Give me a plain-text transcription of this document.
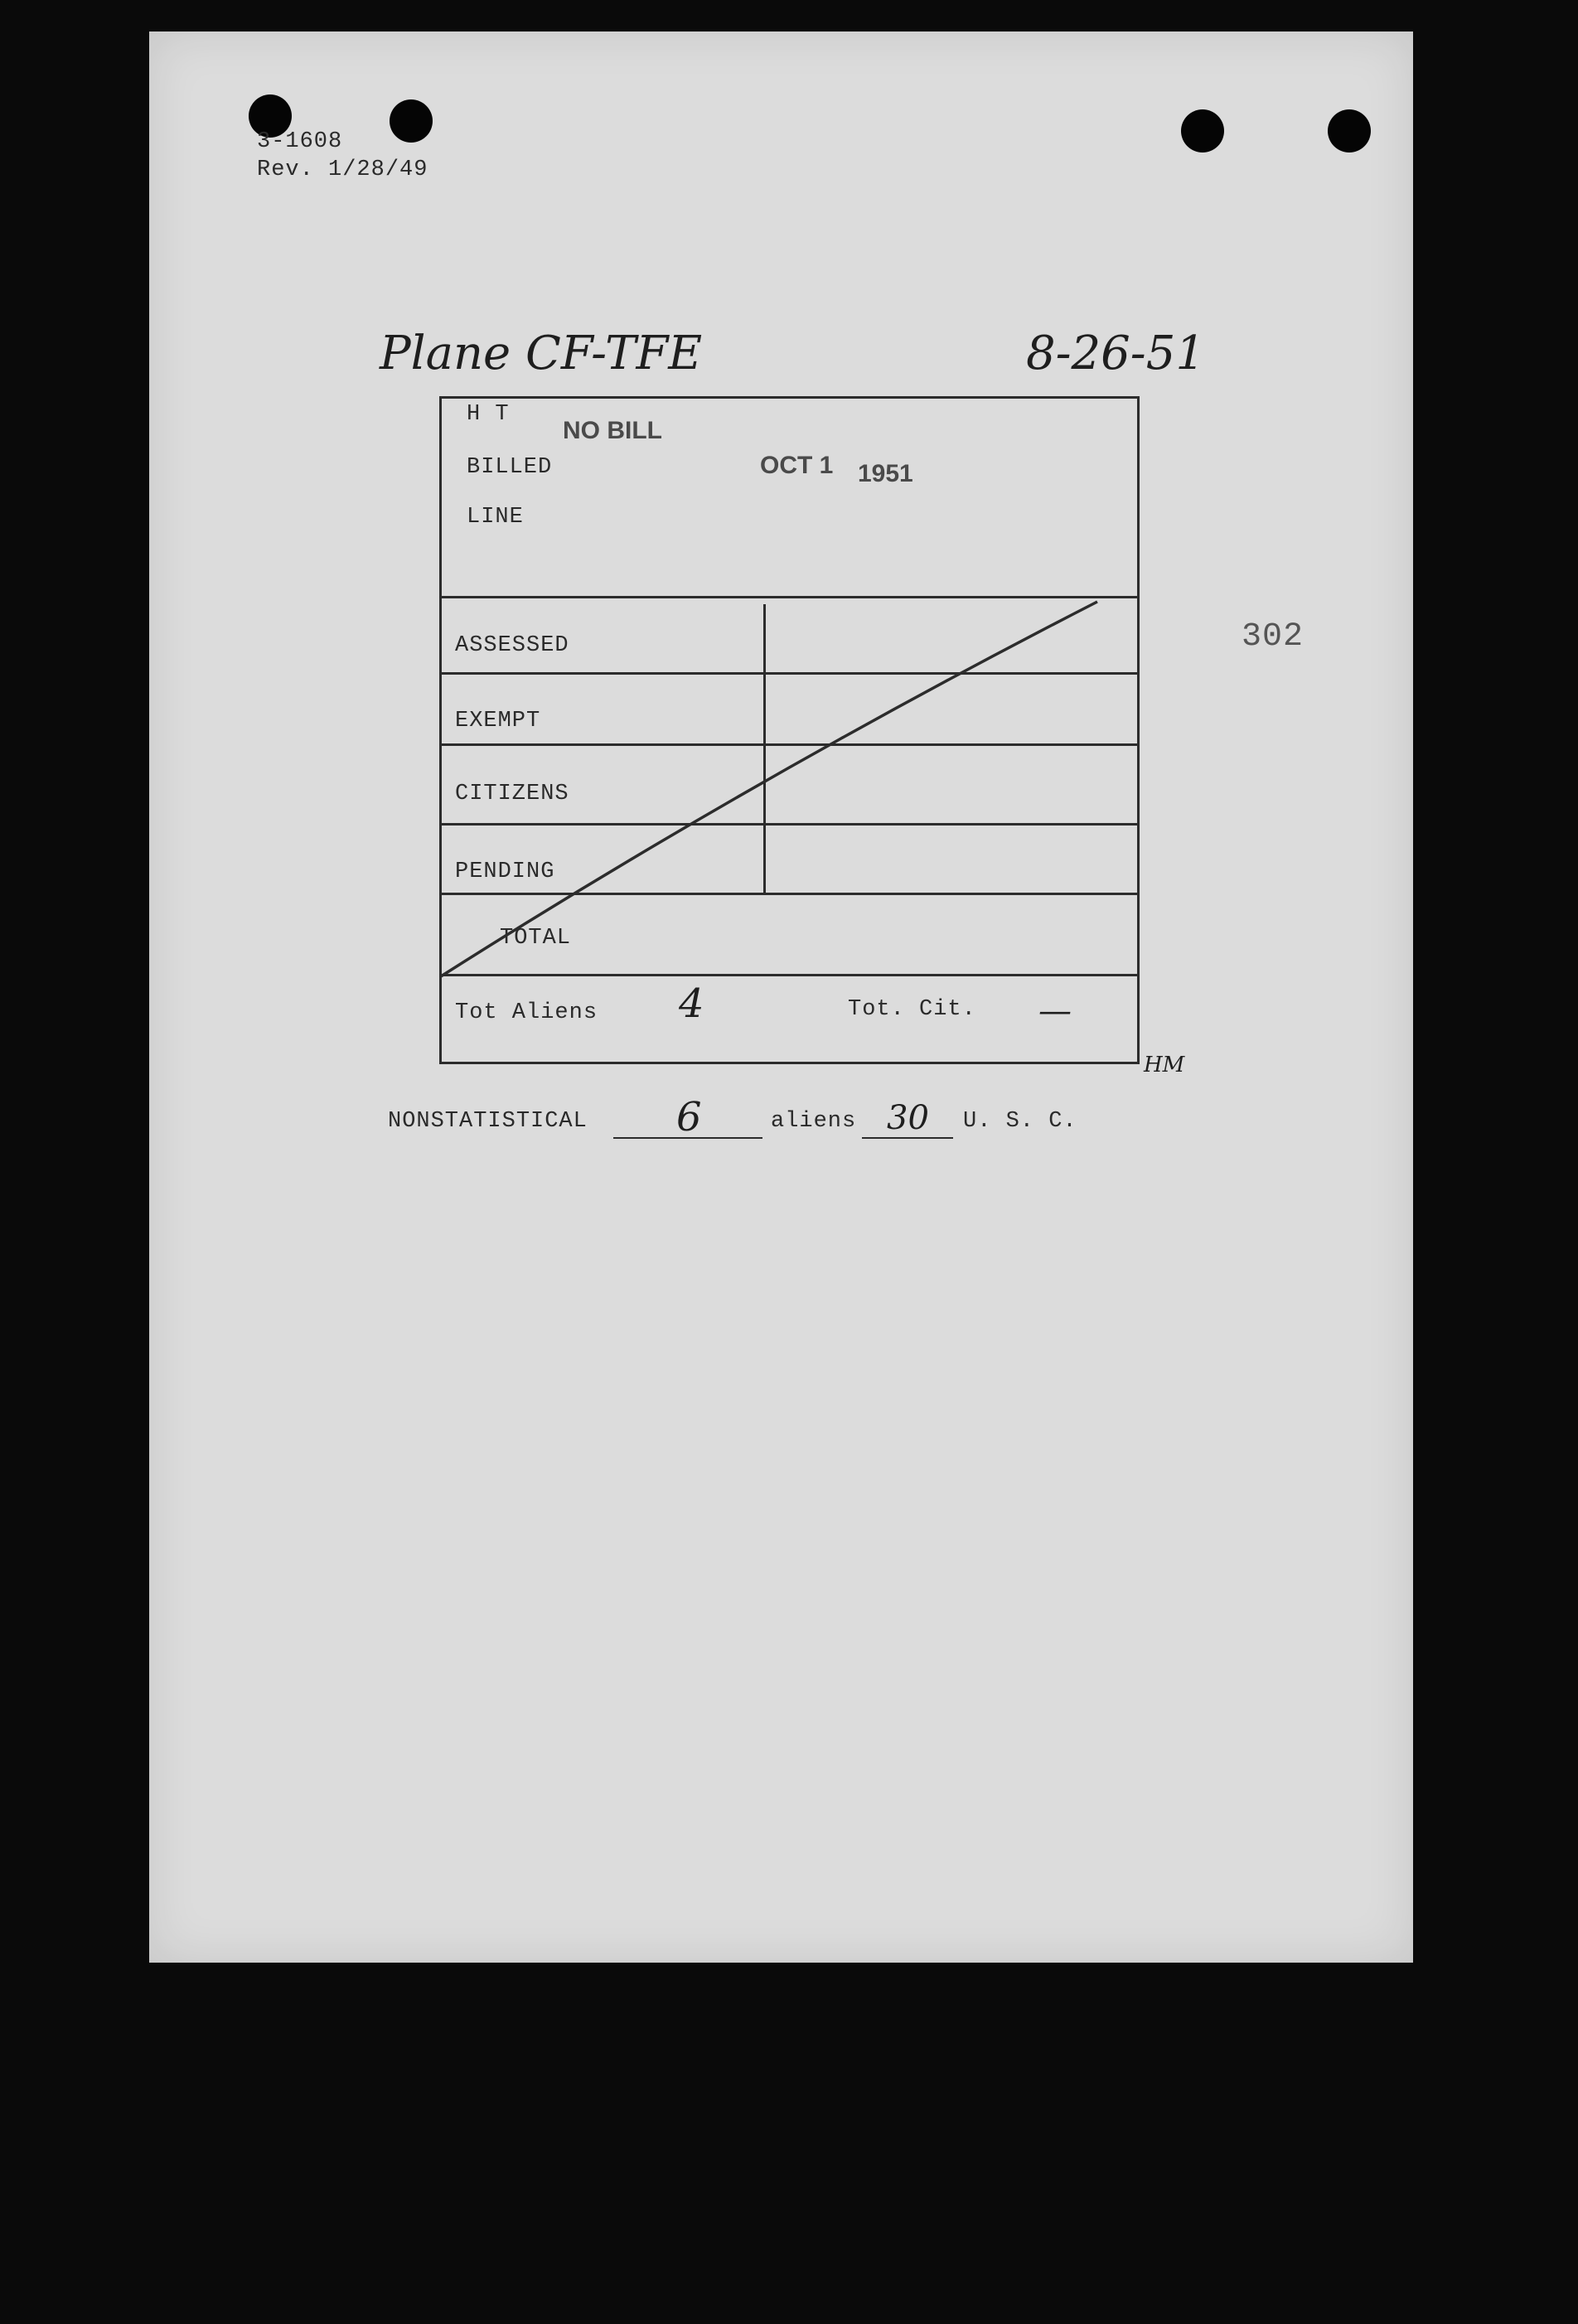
3-1608
Rev. 1/28/49
Plane CF-TFE	8-26-51
302
H T
NO BILL
BILLED	OCT 1 1951
LINE
ASSESSED
EXEMPT
CITIZENS
PENDING
TOTAL
Tot Aliens 4	Tot. Cit. —
HM
NONSTATISTICAL 6	aliens 30 U. S. C.
